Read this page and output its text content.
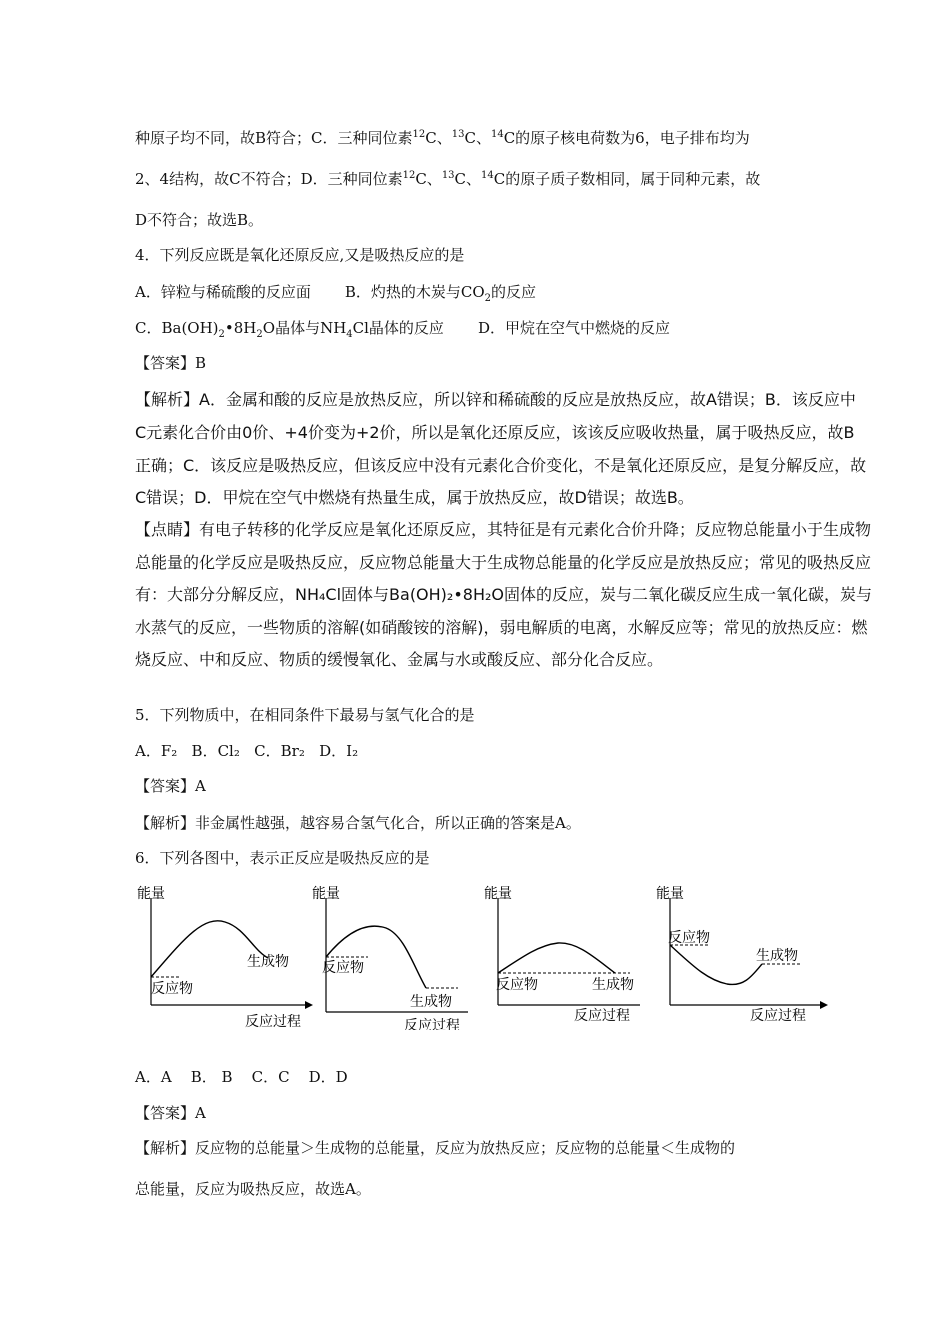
种原子均不同，故B符合；C．三种同位素$^{12}$C、$^{13}$C、$^{14}$C的原子核电荷数为6，电子排布均为
2、4结构，故C不符合；D．三种同位素$^{12}$C、$^{13}$C、$^{14}$C的原子质子数相同，属于同种元素，故
D不符合；故选B。
4．下列反应既是氧化还原反应,又是吸热反应的是
A．锌粒与稀硫酸的反应面 B．灼热的木炭与$CO_2$的反应
C．$Ba(OH)_2•8H_2O$晶体与$NH_4Cl$晶体的反应 D．甲烷在空气中燃烧的反应
【答案】B
【解析】A．金属和酸的反应是放热反应，所以锌和稀硫酸的反应是放热反应，故A错误；B．该反应中
C元素化合价由0价、+4价变为+2价，所以是氧化还原反应，该该反应吸收热量，属于吸热反应，故B
正确；C．该反应是吸热反应，但该反应中没有元素化合价变化，不是氧化还原反应，是复分解反应，故
C错误；D．甲烷在空气中燃烧有热量生成，属于放热反应，故D错误；故选B。
【点睛】有电子转移的化学反应是氧化还原反应，其特征是有元素化合价升降；反应物总能量小于生成物
总能量的化学反应是吸热反应，反应物总能量大于生成物总能量的化学反应是放热反应；常见的吸热反应
有：大部分分解反应，NH₄Cl固体与Ba(OH)₂•8H₂O固体的反应，炭与二氧化碳反应生成一氧化碳，炭与
水蒸气的反应，一些物质的溶解(如硝酸铵的溶解)，弱电解质的电离，水解反应等；常见的放热反应：燃
烧反应、中和反应、物质的缓慢氧化、金属与水或酸反应、部分化合反应。
5．下列物质中，在相同条件下最易与氢气化合的是
A．F₂   B．Cl₂   C．Br₂   D．I₂
【答案】A
【解析】非金属性越强，越容易合氢气化合，所以正确的答案是A。
6．下列各图中，表示正反应是吸热反应的是
能量
反应过程
反应物
生成物
能量
反应过程
反应物
生成物
能量
反应过程
反应物	生成物
能量
反应过程
反应物
生成物
A．A    B． B    C．C    D．D
【答案】A
【解析】反应物的总能量＞生成物的总能量，反应为放热反应；反应物的总能量＜生成物的
总能量，反应为吸热反应，故选A。
